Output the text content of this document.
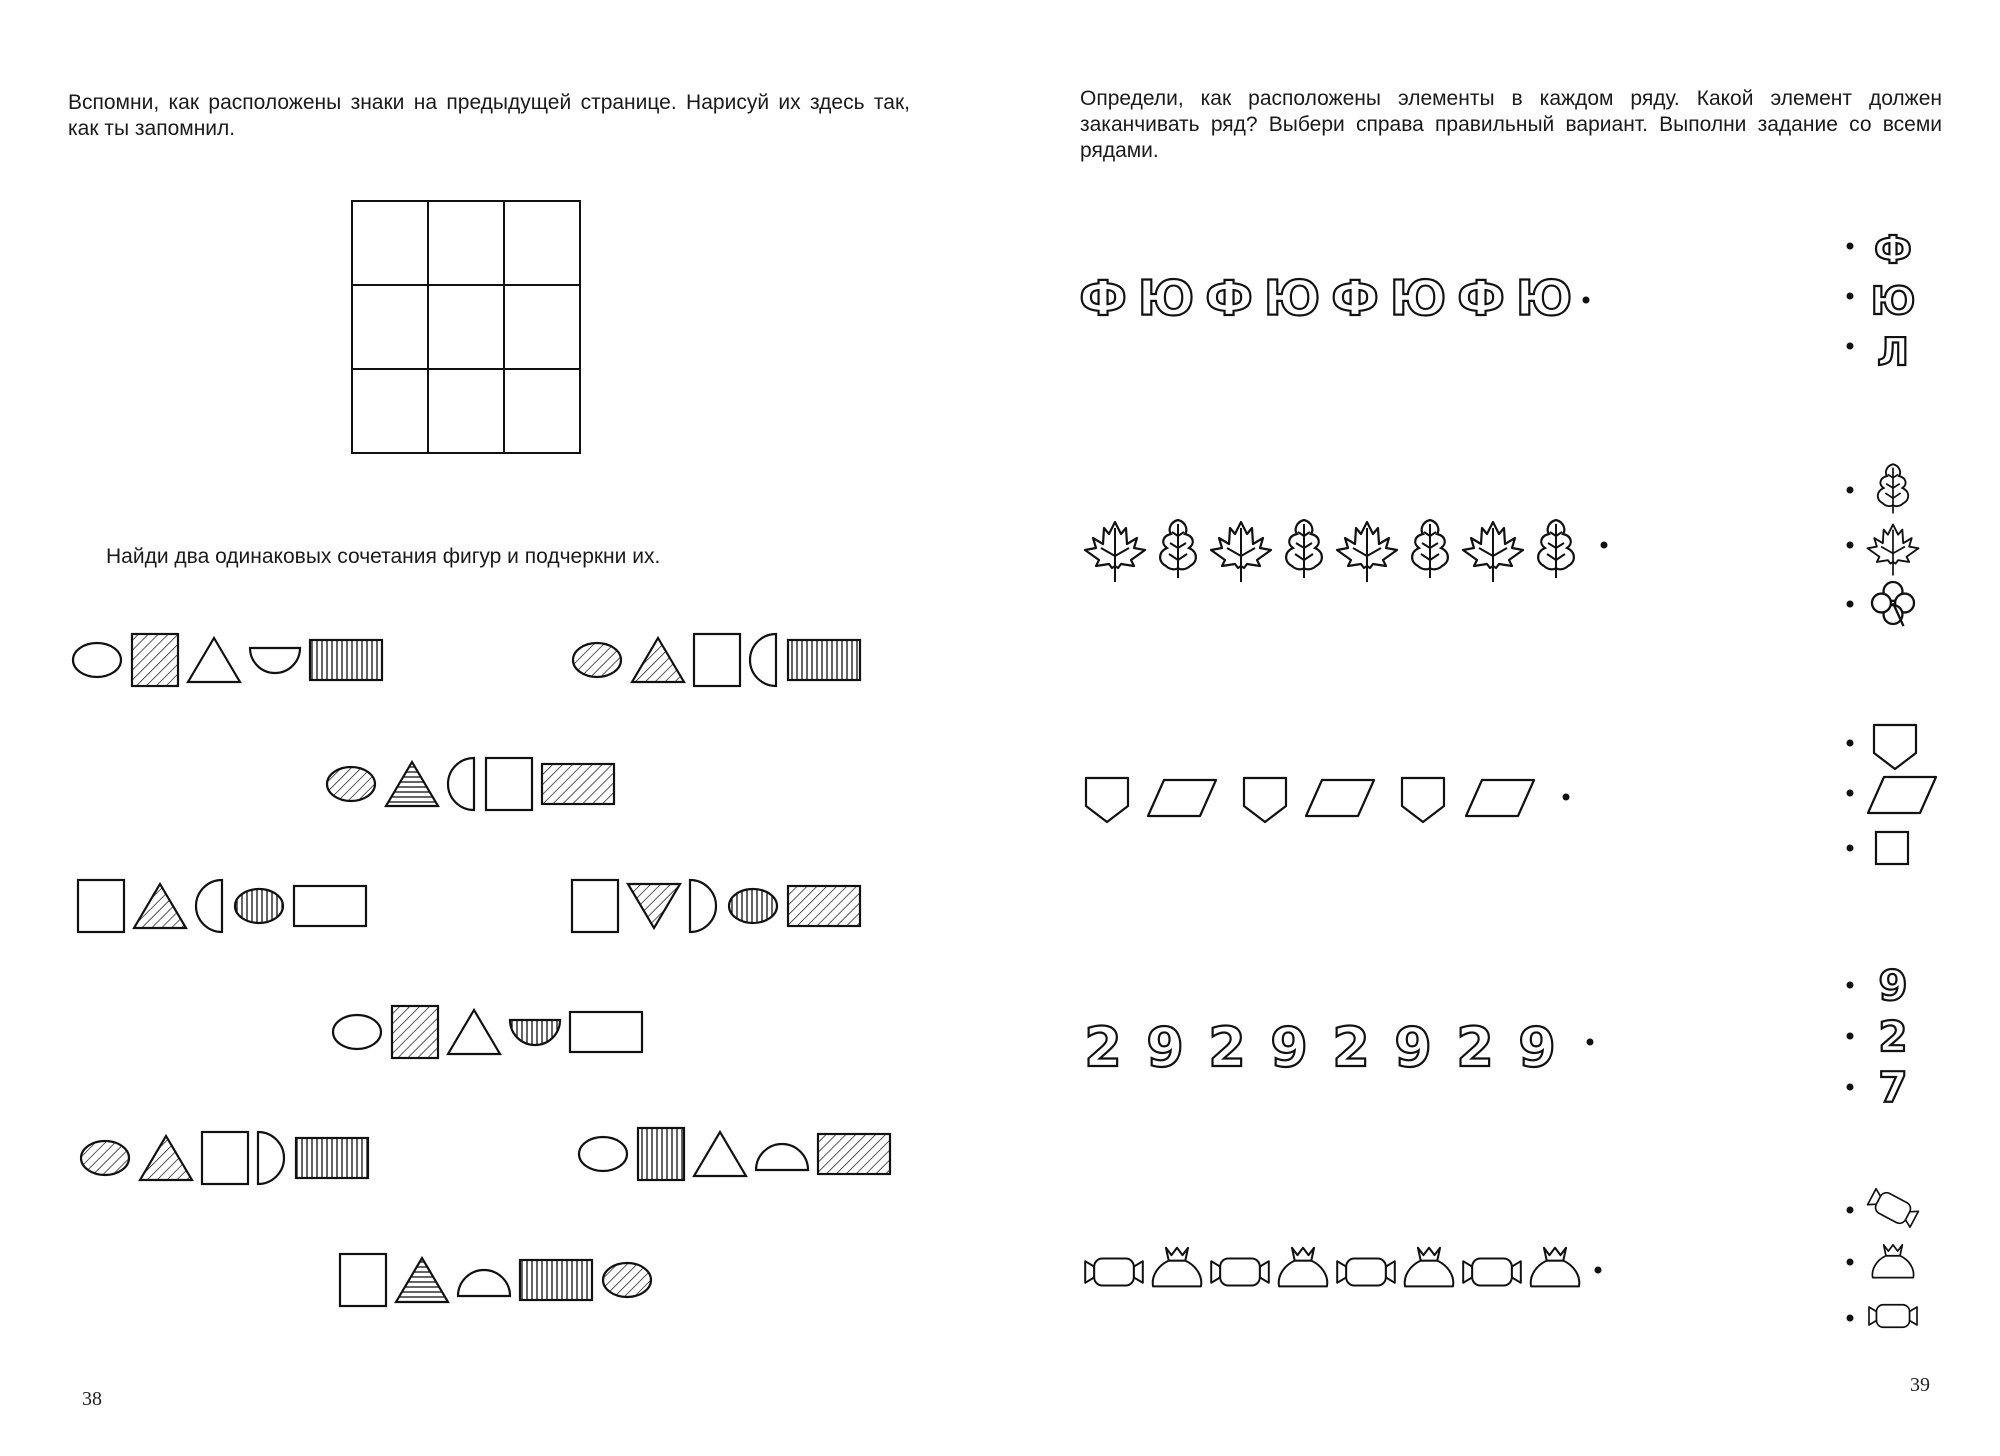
Вспомни, как расположены знаки на предыдущей странице. Нарисуй их здесь так, как ты запомнил.
Найди два одинаковых сочетания фигур и подчеркни их.
38
Определи, как расположены элементы в каждом ряду. Какой элемент должен заканчивать ряд? Выбери справа правильный вариант. Выполни задание со всеми рядами.
Ф Ю Ф Ю Ф Ю Ф Ю
Ф
Ю
Л
2 9 2 9 2 9 2 9
9
2
7
39
